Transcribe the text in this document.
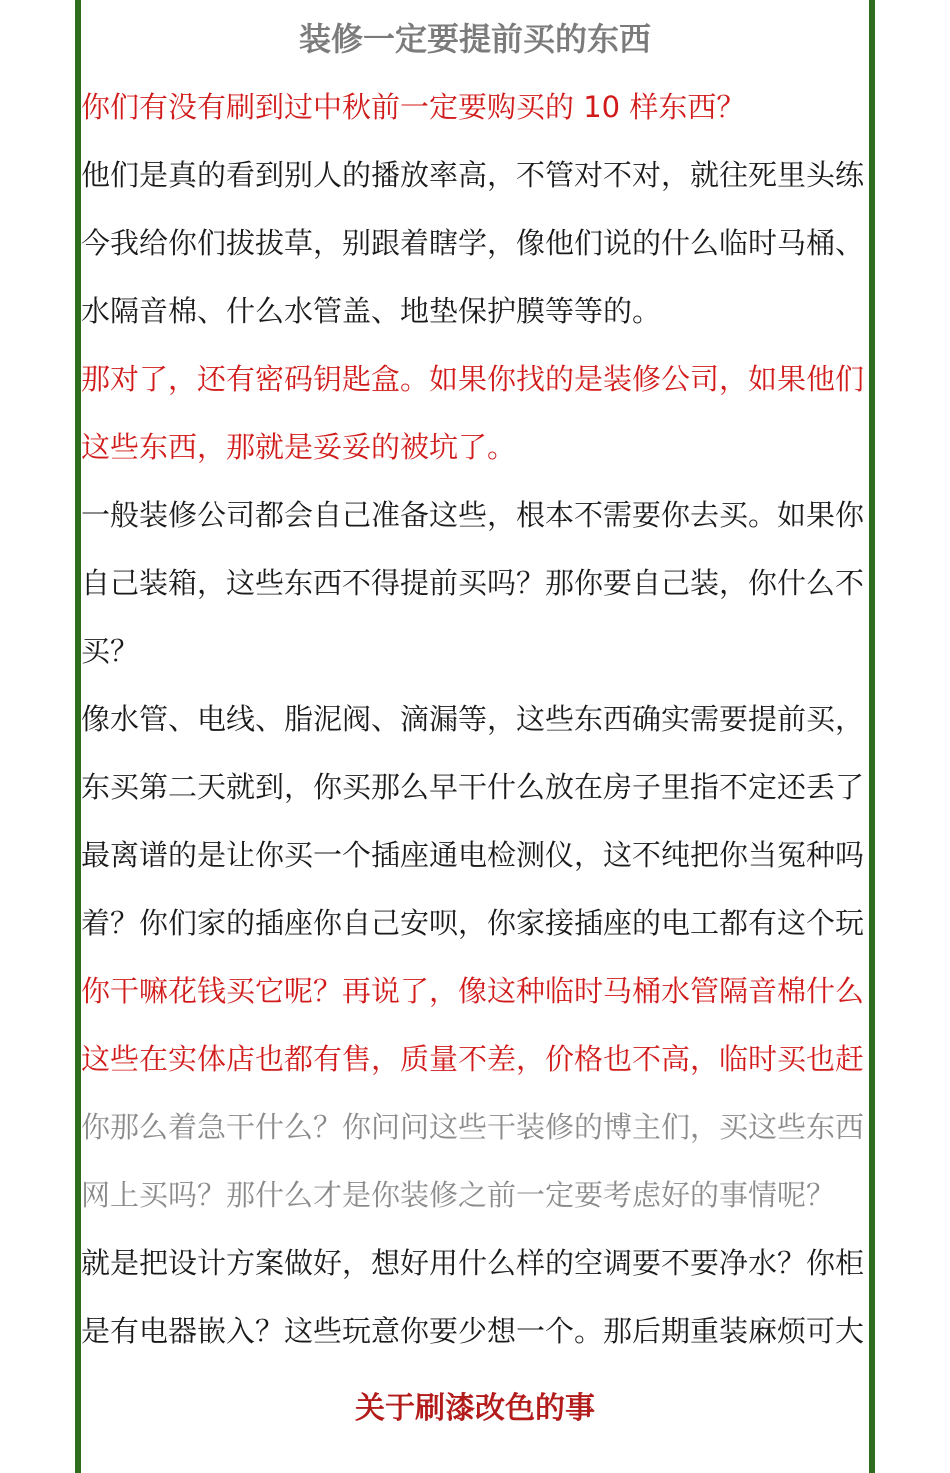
装修一定要提前买的东西
你们有没有刷到过中秋前一定要购买的 10 样东西？
他们是真的看到别人的播放率高，不管对不对，就往死里头练
今我给你们拔拔草，别跟着瞎学，像他们说的什么临时马桶、
水隔音棉、什么水管盖、地垫保护膜等等的。
那对了，还有密码钥匙盒。如果你找的是装修公司，如果他们
这些东西，那就是妥妥的被坑了。
一般装修公司都会自己准备这些，根本不需要你去买。如果你
自己装箱，这些东西不得提前买吗？那你要自己装，你什么不
买？
像水管、电线、脂泥阀、滴漏等，这些东西确实需要提前买，
东买第二天就到，你买那么早干什么放在房子里指不定还丢了
最离谱的是让你买一个插座通电检测仪，这不纯把你当冤种吗
着？你们家的插座你自己安呗，你家接插座的电工都有这个玩
你干嘛花钱买它呢？再说了，像这种临时马桶水管隔音棉什么
这些在实体店也都有售，质量不差，价格也不高，临时买也赶
你那么着急干什么？你问问这些干装修的博主们，买这些东西
网上买吗？那什么才是你装修之前一定要考虑好的事情呢？
就是把设计方案做好，想好用什么样的空调要不要净水？你柜
是有电器嵌入？这些玩意你要少想一个。那后期重装麻烦可大
关于刷漆改色的事
